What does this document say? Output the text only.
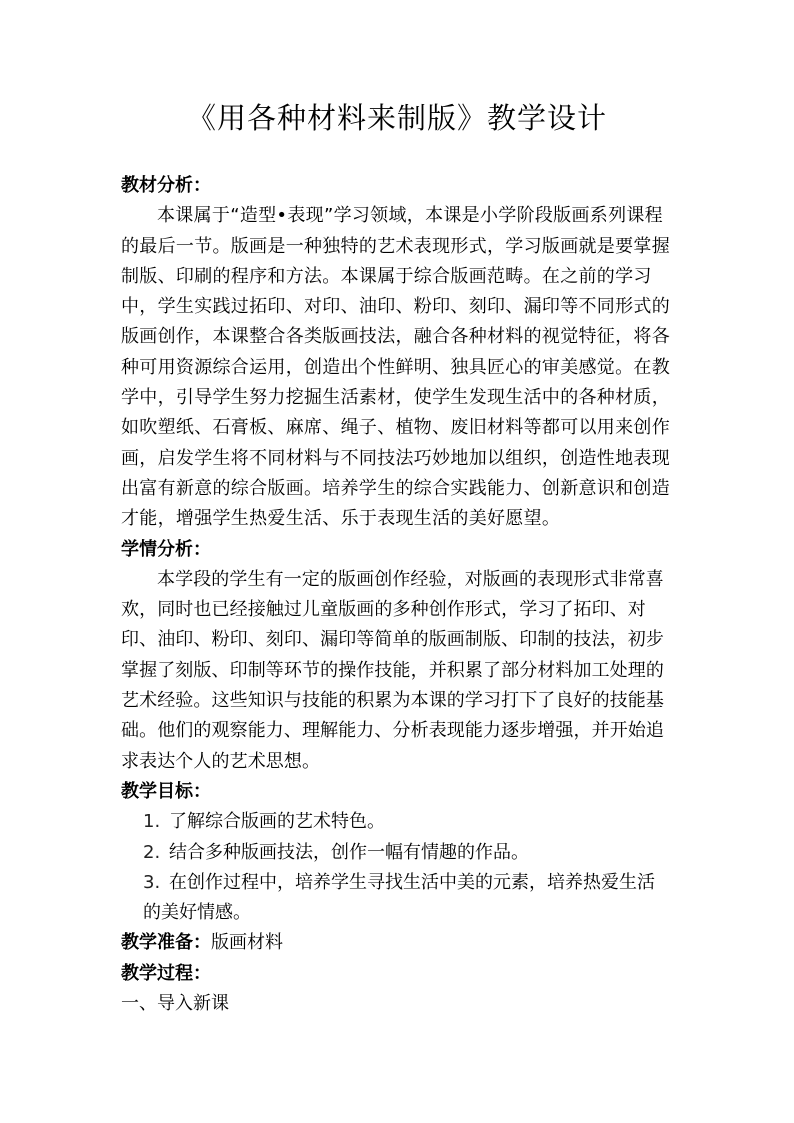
《用各种材料来制版》教学设计

教材分析：

本课属于“造型•表现”学习领域，本课是小学阶段版画系列课程的最后一节。版画是一种独特的艺术表现形式，学习版画就是要掌握制版、印刷的程序和方法。本课属于综合版画范畴。在之前的学习中，学生实践过拓印、对印、油印、粉印、刻印、漏印等不同形式的版画创作，本课整合各类版画技法，融合各种材料的视觉特征，将各种可用资源综合运用，创造出个性鲜明、独具匠心的审美感觉。在教学中，引导学生努力挖掘生活素材，使学生发现生活中的各种材质，如吹塑纸、石膏板、麻席、绳子、植物、废旧材料等都可以用来创作画，启发学生将不同材料与不同技法巧妙地加以组织，创造性地表现出富有新意的综合版画。培养学生的综合实践能力、创新意识和创造才能，增强学生热爱生活、乐于表现生活的美好愿望。

学情分析：

本学段的学生有一定的版画创作经验，对版画的表现形式非常喜欢，同时也已经接触过儿童版画的多种创作形式，学习了拓印、对印、油印、粉印、刻印、漏印等简单的版画制版、印制的技法，初步掌握了刻版、印制等环节的操作技能，并积累了部分材料加工处理的艺术经验。这些知识与技能的积累为本课的学习打下了良好的技能基础。他们的观察能力、理解能力、分析表现能力逐步增强，并开始追求表达个人的艺术思想。

教学目标：

1. 了解综合版画的艺术特色。

2. 结合多种版画技法，创作一幅有情趣的作品。

3. 在创作过程中，培养学生寻找生活中美的元素，培养热爱生活

的美好情感。

教学准备：版画材料

教学过程：

一、导入新课
